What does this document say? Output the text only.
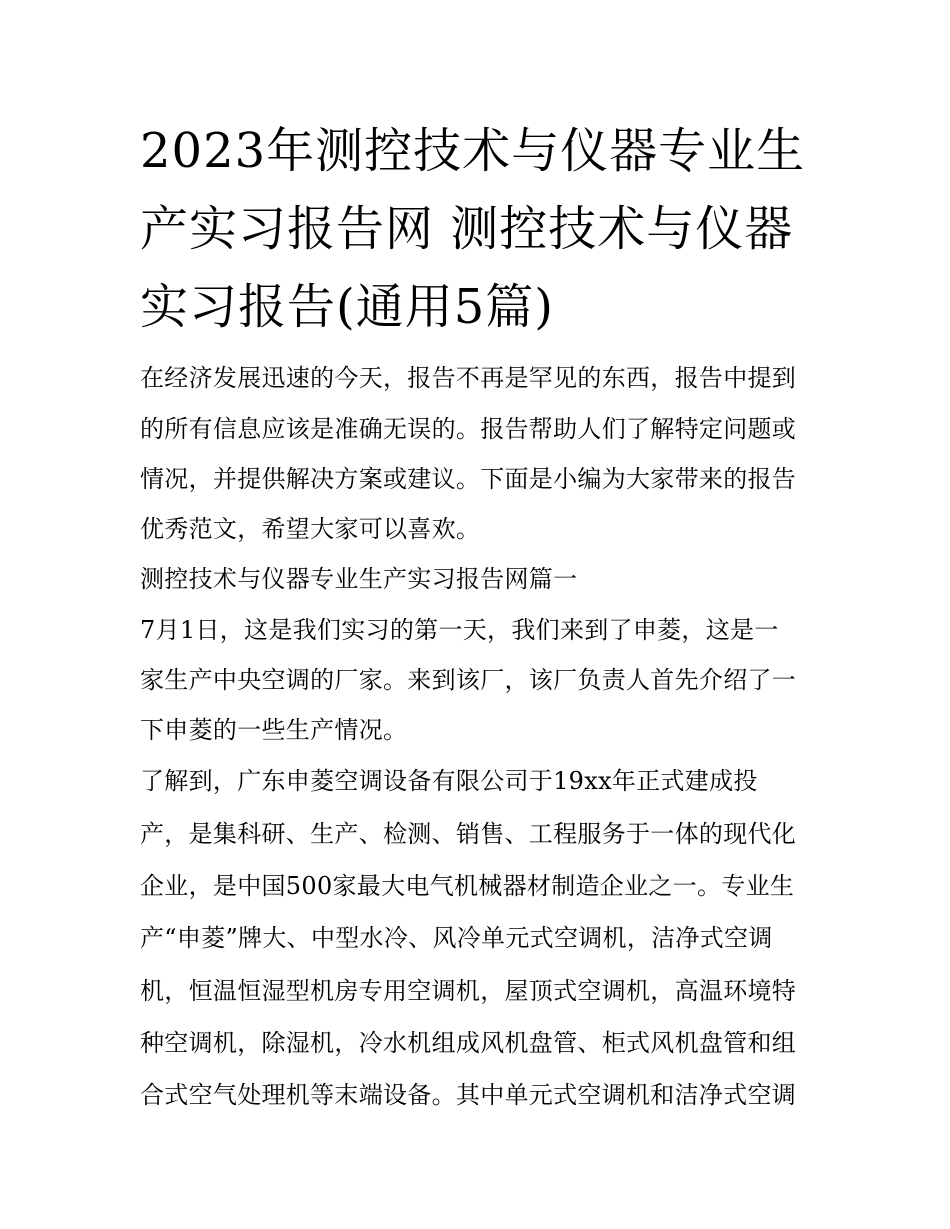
2023年测控技术与仪器专业生
产实习报告网 测控技术与仪器
实习报告(通用5篇)

在经济发展迅速的今天，报告不再是罕见的东西，报告中提到

的所有信息应该是准确无误的。报告帮助人们了解特定问题或

情况，并提供解决方案或建议。下面是小编为大家带来的报告

优秀范文，希望大家可以喜欢。

测控技术与仪器专业生产实习报告网篇一

7月1日，这是我们实习的第一天，我们来到了申菱，这是一

家生产中央空调的厂家。来到该厂，该厂负责人首先介绍了一

下申菱的一些生产情况。

了解到，广东申菱空调设备有限公司于19xx年正式建成投

产，是集科研、生产、检测、销售、工程服务于一体的现代化

企业，是中国500家最大电气机械器材制造企业之一。专业生

产“申菱”牌大、中型水冷、风冷单元式空调机，洁净式空调

机，恒温恒湿型机房专用空调机，屋顶式空调机，高温环境特

种空调机，除湿机，冷水机组成风机盘管、柜式风机盘管和组

合式空气处理机等末端设备。其中单元式空调机和洁净式空调
